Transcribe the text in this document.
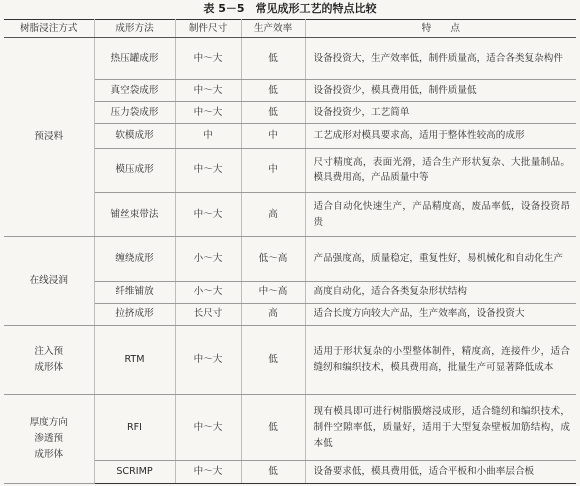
表 5－5　常见成形工艺的特点比较
树脂浸注方式	成形方法	制件尺寸	生产效率	特　　点

预浸料	热压罐成形	中～大	低	设备投资大，生产效率低，制件质量高，适合各类复杂构件
	真空袋成形	中～大	低	设备投资少，模具费用低，制件质量低
	压力袋成形	中～大	低	设备投资少，工艺简单
	软模成形	中	中	工艺成形对模具要求高，适用于整体性较高的成形
	模压成形	中～大	中	尺寸精度高，表面光滑，适合生产形状复杂、大批量制品。模具费用高，产品质量中等
	铺丝束带法	中～大	高	适合自动化快速生产，产品精度高，废品率低，设备投资昂贵

在线浸润	缠绕成形	小～大	低～高	产品强度高，质量稳定，重复性好，易机械化和自动化生产
	纤维铺放	小～大	中～高	高度自动化，适合各类复杂形状结构
	拉挤成形	长尺寸	高	适合长度方向较大产品，生产效率高，设备投资大

注入预
成形体	RTM	中～大	低	适用于形状复杂的小型整体制件，精度高，连接件少，适合缝纫和编织技术，模具费用高，批量生产可显著降低成本

厚度方向
渗透预
成形体	RFI	中～大	低	现有模具即可进行树脂膜熔浸成形，适合缝纫和编织技术，制件空隙率低，质量好，适用于大型复杂壁板加筋结构，成本低
	SCRIMP	中～大	低	设备要求低，模具费用低，适合平板和小曲率层合板
